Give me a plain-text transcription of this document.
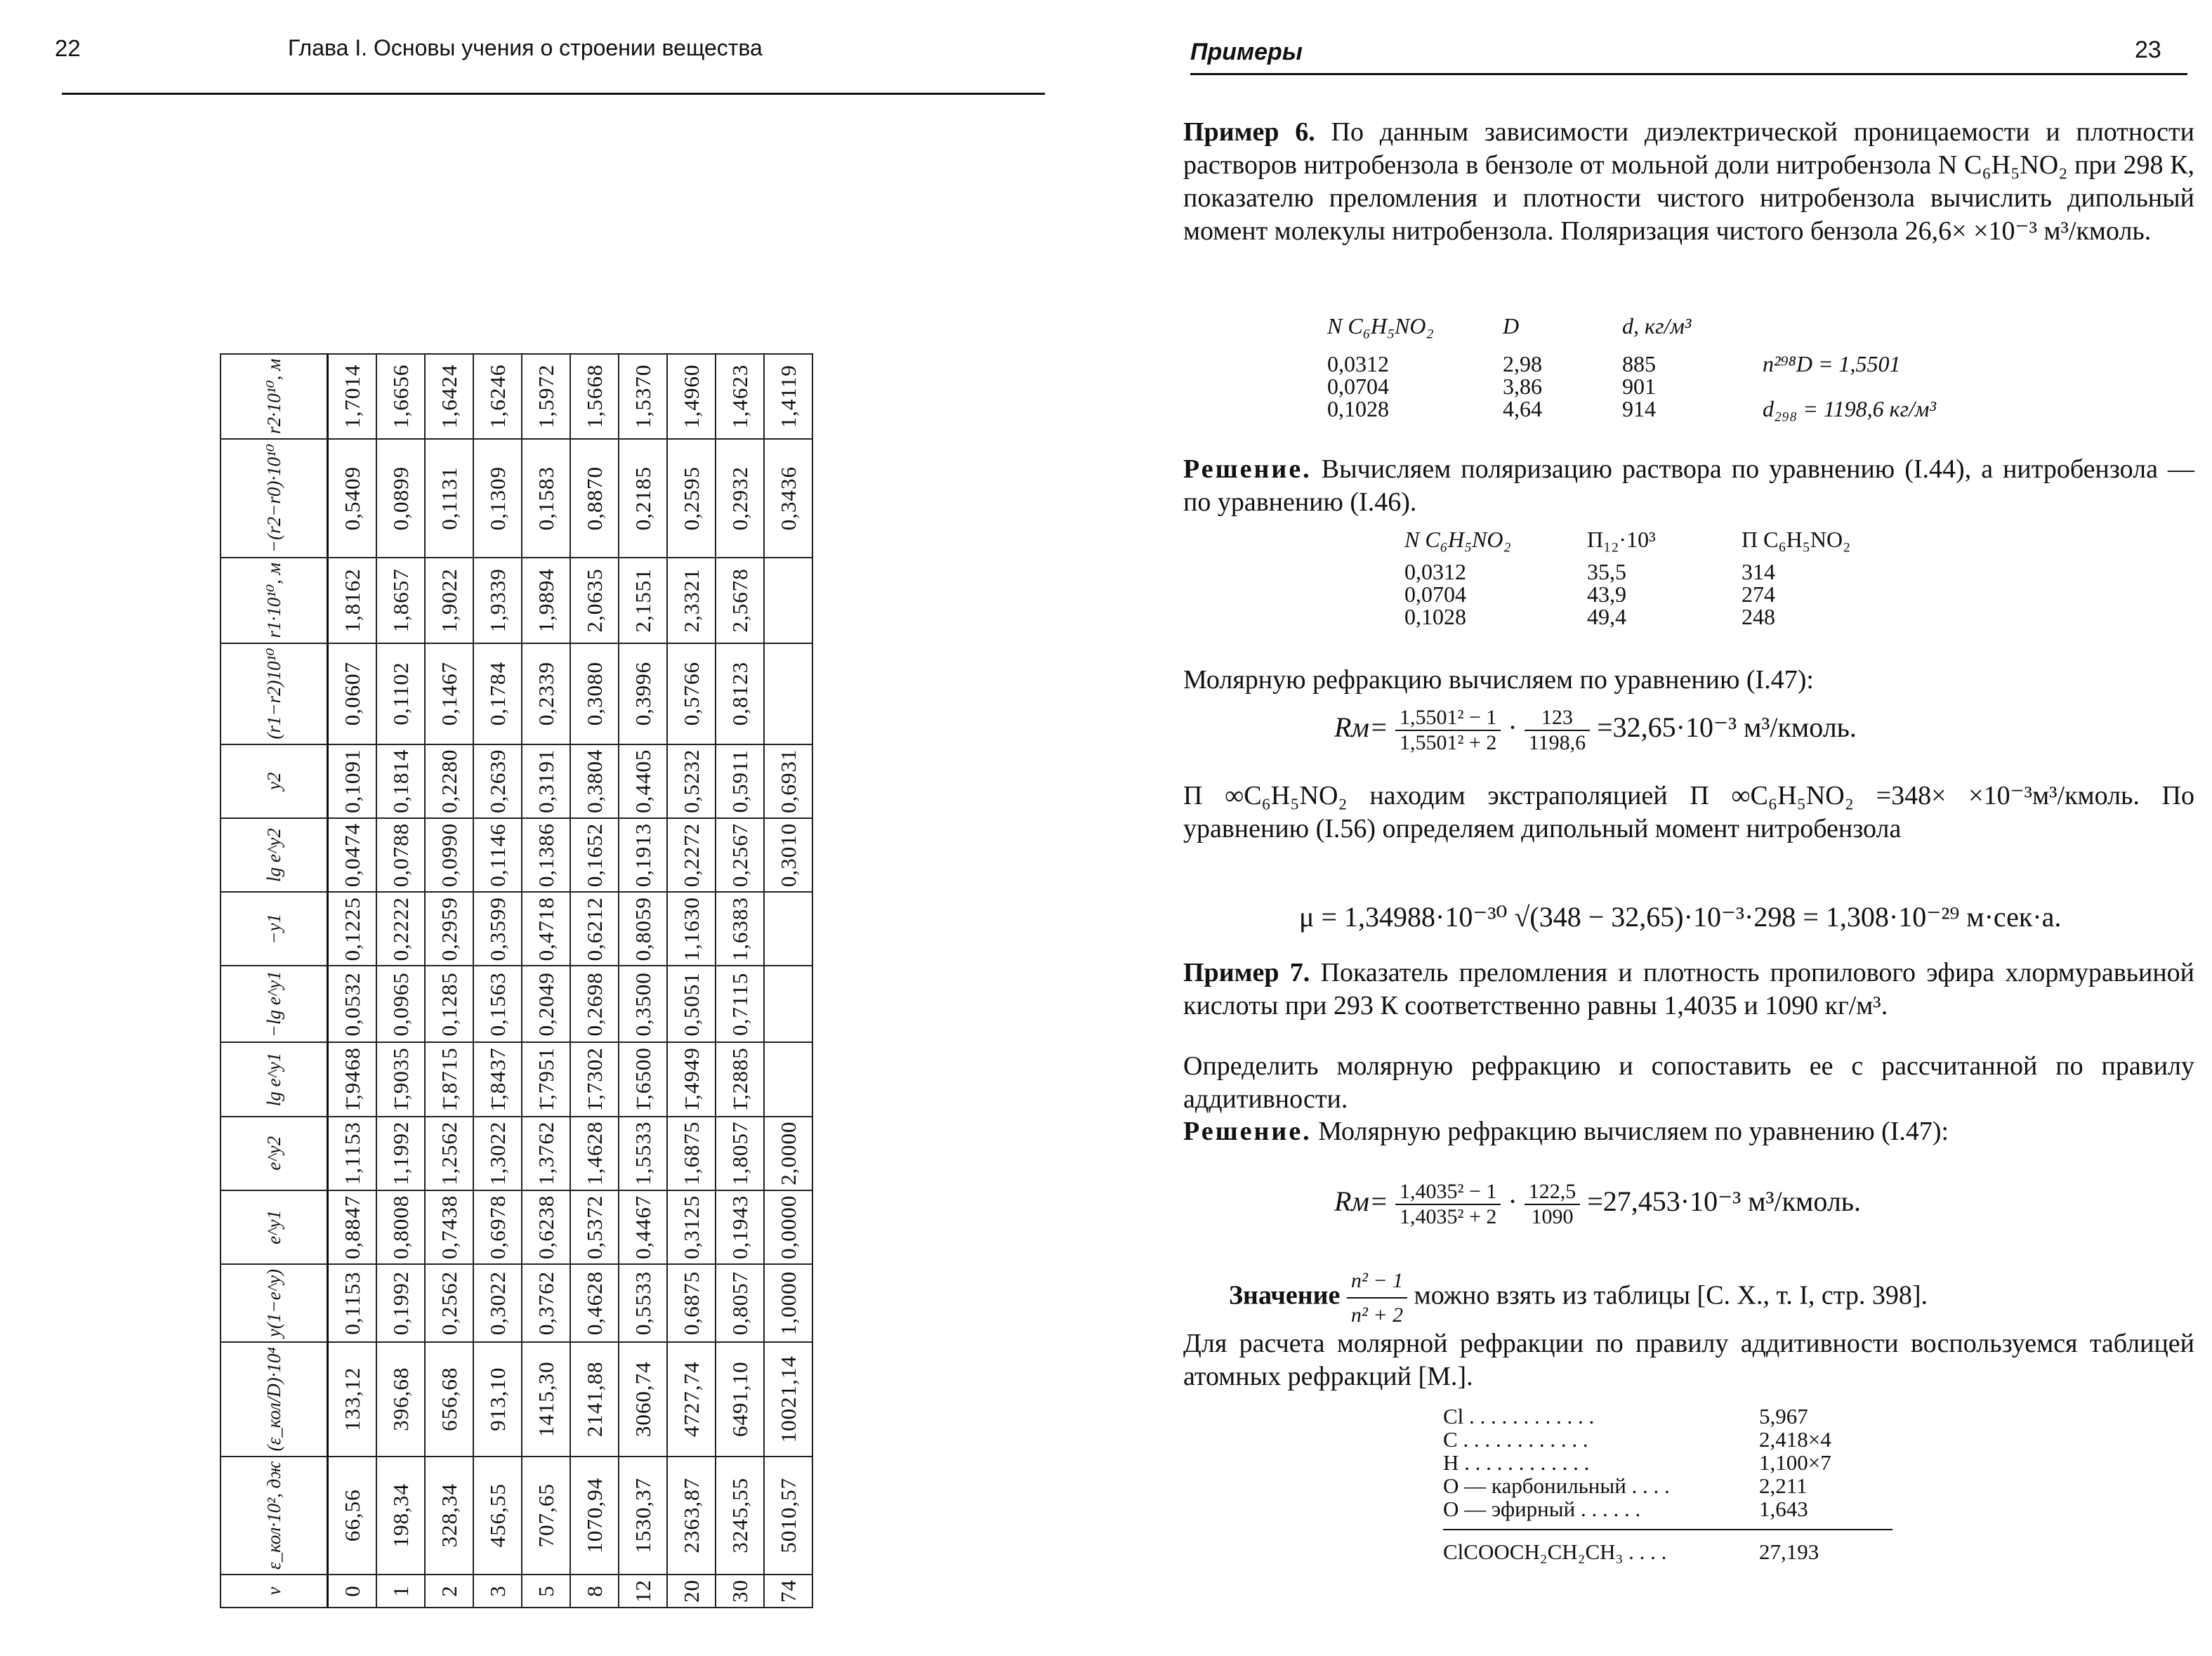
22	Глава I. Основы учения о строении вещества
v	ε_кол·10², дж	(ε_кол/D)·10⁴	y(1−e^y)	e^y1	e^y2	lg e^y1	−lg e^y1	−y1	lg e^y2	y2	(r1−r2)10¹⁰	r1·10¹⁰, м	−(r2−r0)·10¹⁰	r2·10¹⁰, м
0	66,56	133,12	0,1153	0,8847	1,1153	1̄,9468	0,0532	0,1225	0,0474	0,1091	0,0607	1,8162	0,5409	1,7014
1	198,34	396,68	0,1992	0,8008	1,1992	1̄,9035	0,0965	0,2222	0,0788	0,1814	0,1102	1,8657	0,0899	1,6656
2	328,34	656,68	0,2562	0,7438	1,2562	1̄,8715	0,1285	0,2959	0,0990	0,2280	0,1467	1,9022	0,1131	1,6424
3	456,55	913,10	0,3022	0,6978	1,3022	1̄,8437	0,1563	0,3599	0,1146	0,2639	0,1784	1,9339	0,1309	1,6246
5	707,65	1415,30	0,3762	0,6238	1,3762	1̄,7951	0,2049	0,4718	0,1386	0,3191	0,2339	1,9894	0,1583	1,5972
8	1070,94	2141,88	0,4628	0,5372	1,4628	1̄,7302	0,2698	0,6212	0,1652	0,3804	0,3080	2,0635	0,8870	1,5668
12	1530,37	3060,74	0,5533	0,4467	1,5533	1̄,6500	0,3500	0,8059	0,1913	0,4405	0,3996	2,1551	0,2185	1,5370
20	2363,87	4727,74	0,6875	0,3125	1,6875	1̄,4949	0,5051	1,1630	0,2272	0,5232	0,5766	2,3321	0,2595	1,4960
30	3245,55	6491,10	0,8057	0,1943	1,8057	1̄,2885	0,7115	1,6383	0,2567	0,5911	0,8123	2,5678	0,2932	1,4623
74	5010,57	10021,14	1,0000	0,0000	2,0000				0,3010	0,6931			0,3436	1,4119
Примеры	23
Пример 6. По данным зависимости диэлектрической проницаемости и плотности растворов нитробензола в бензоле от мольной доли нитробензола N C₆H₅NO₂ при 298 К, показателю преломления и плотности чистого нитробензола вычислить дипольный момент молекулы нитробензола. Поляризация чистого бензола 26,6× ×10⁻³ м³/кмоль.
N C₆H₅NO₂	D	d, кг/м³
0,0312	2,98	885	n²⁹⁸D = 1,5501
0,0704	3,86	901
0,1028	4,64	914	d₂₉₈ = 1198,6 кг/м³
Решение. Вычисляем поляризацию раствора по уравнению (I.44), а нитробензола — по уравнению (I.46).
N C₆H₅NO₂	П₁₂·10³	П C₆H₅NO₂
0,0312	35,5	314
0,0704	43,9	274
0,1028	49,4	248
Молярную рефракцию вычисляем по уравнению (I.47):
$Rм= \frac{\text{1,5501² − 1}}{\text{1,5501² + 2}} \cdot \frac{123}{1198,6} =32,65\cdot 10^{-3}$ м³/кмоль.
П ∞C₆H₅NO₂ находим экстраполяцией П ∞C₆H₅NO₂ =348× ×10⁻³м³/кмоль. По уравнению (I.56) определяем дипольный момент нитробензола
μ = 1,34988·10⁻³⁰ √(348 − 32,65)·10⁻³·298 = 1,308·10⁻²⁹ м·сек·а.
Пример 7. Показатель преломления и плотность пропилового эфира хлормуравьиной кислоты при 293 К соответственно равны 1,4035 и 1090 кг/м³.
Определить молярную рефракцию и сопоставить ее с рассчитанной по правилу аддитивности.
Решение. Молярную рефракцию вычисляем по уравнению (I.47):
$Rм= \frac{\text{1,4035² − 1}}{\text{1,4035² + 2}} \cdot \frac{122,5}{1090} =27,453\cdot 10^{-3}$ м³/кмоль.
Значение $\frac{\text{n² − 1}}{\text{n² + 2}}$ можно взять из таблицы [С. Х., т. I, стр. 398].
Для расчета молярной рефракции по правилу аддитивности воспользуемся таблицей атомных рефракций [М.].
Cl . . . . . . . . . . . .	5,967
C . . . . . . . . . . . .	2,418×4
H . . . . . . . . . . . .	1,100×7
O — карбонильный . . . .	2,211
O — эфирный . . . . . .	1,643
ClCOOCH₂CH₂CH₃ . . . .	27,193
